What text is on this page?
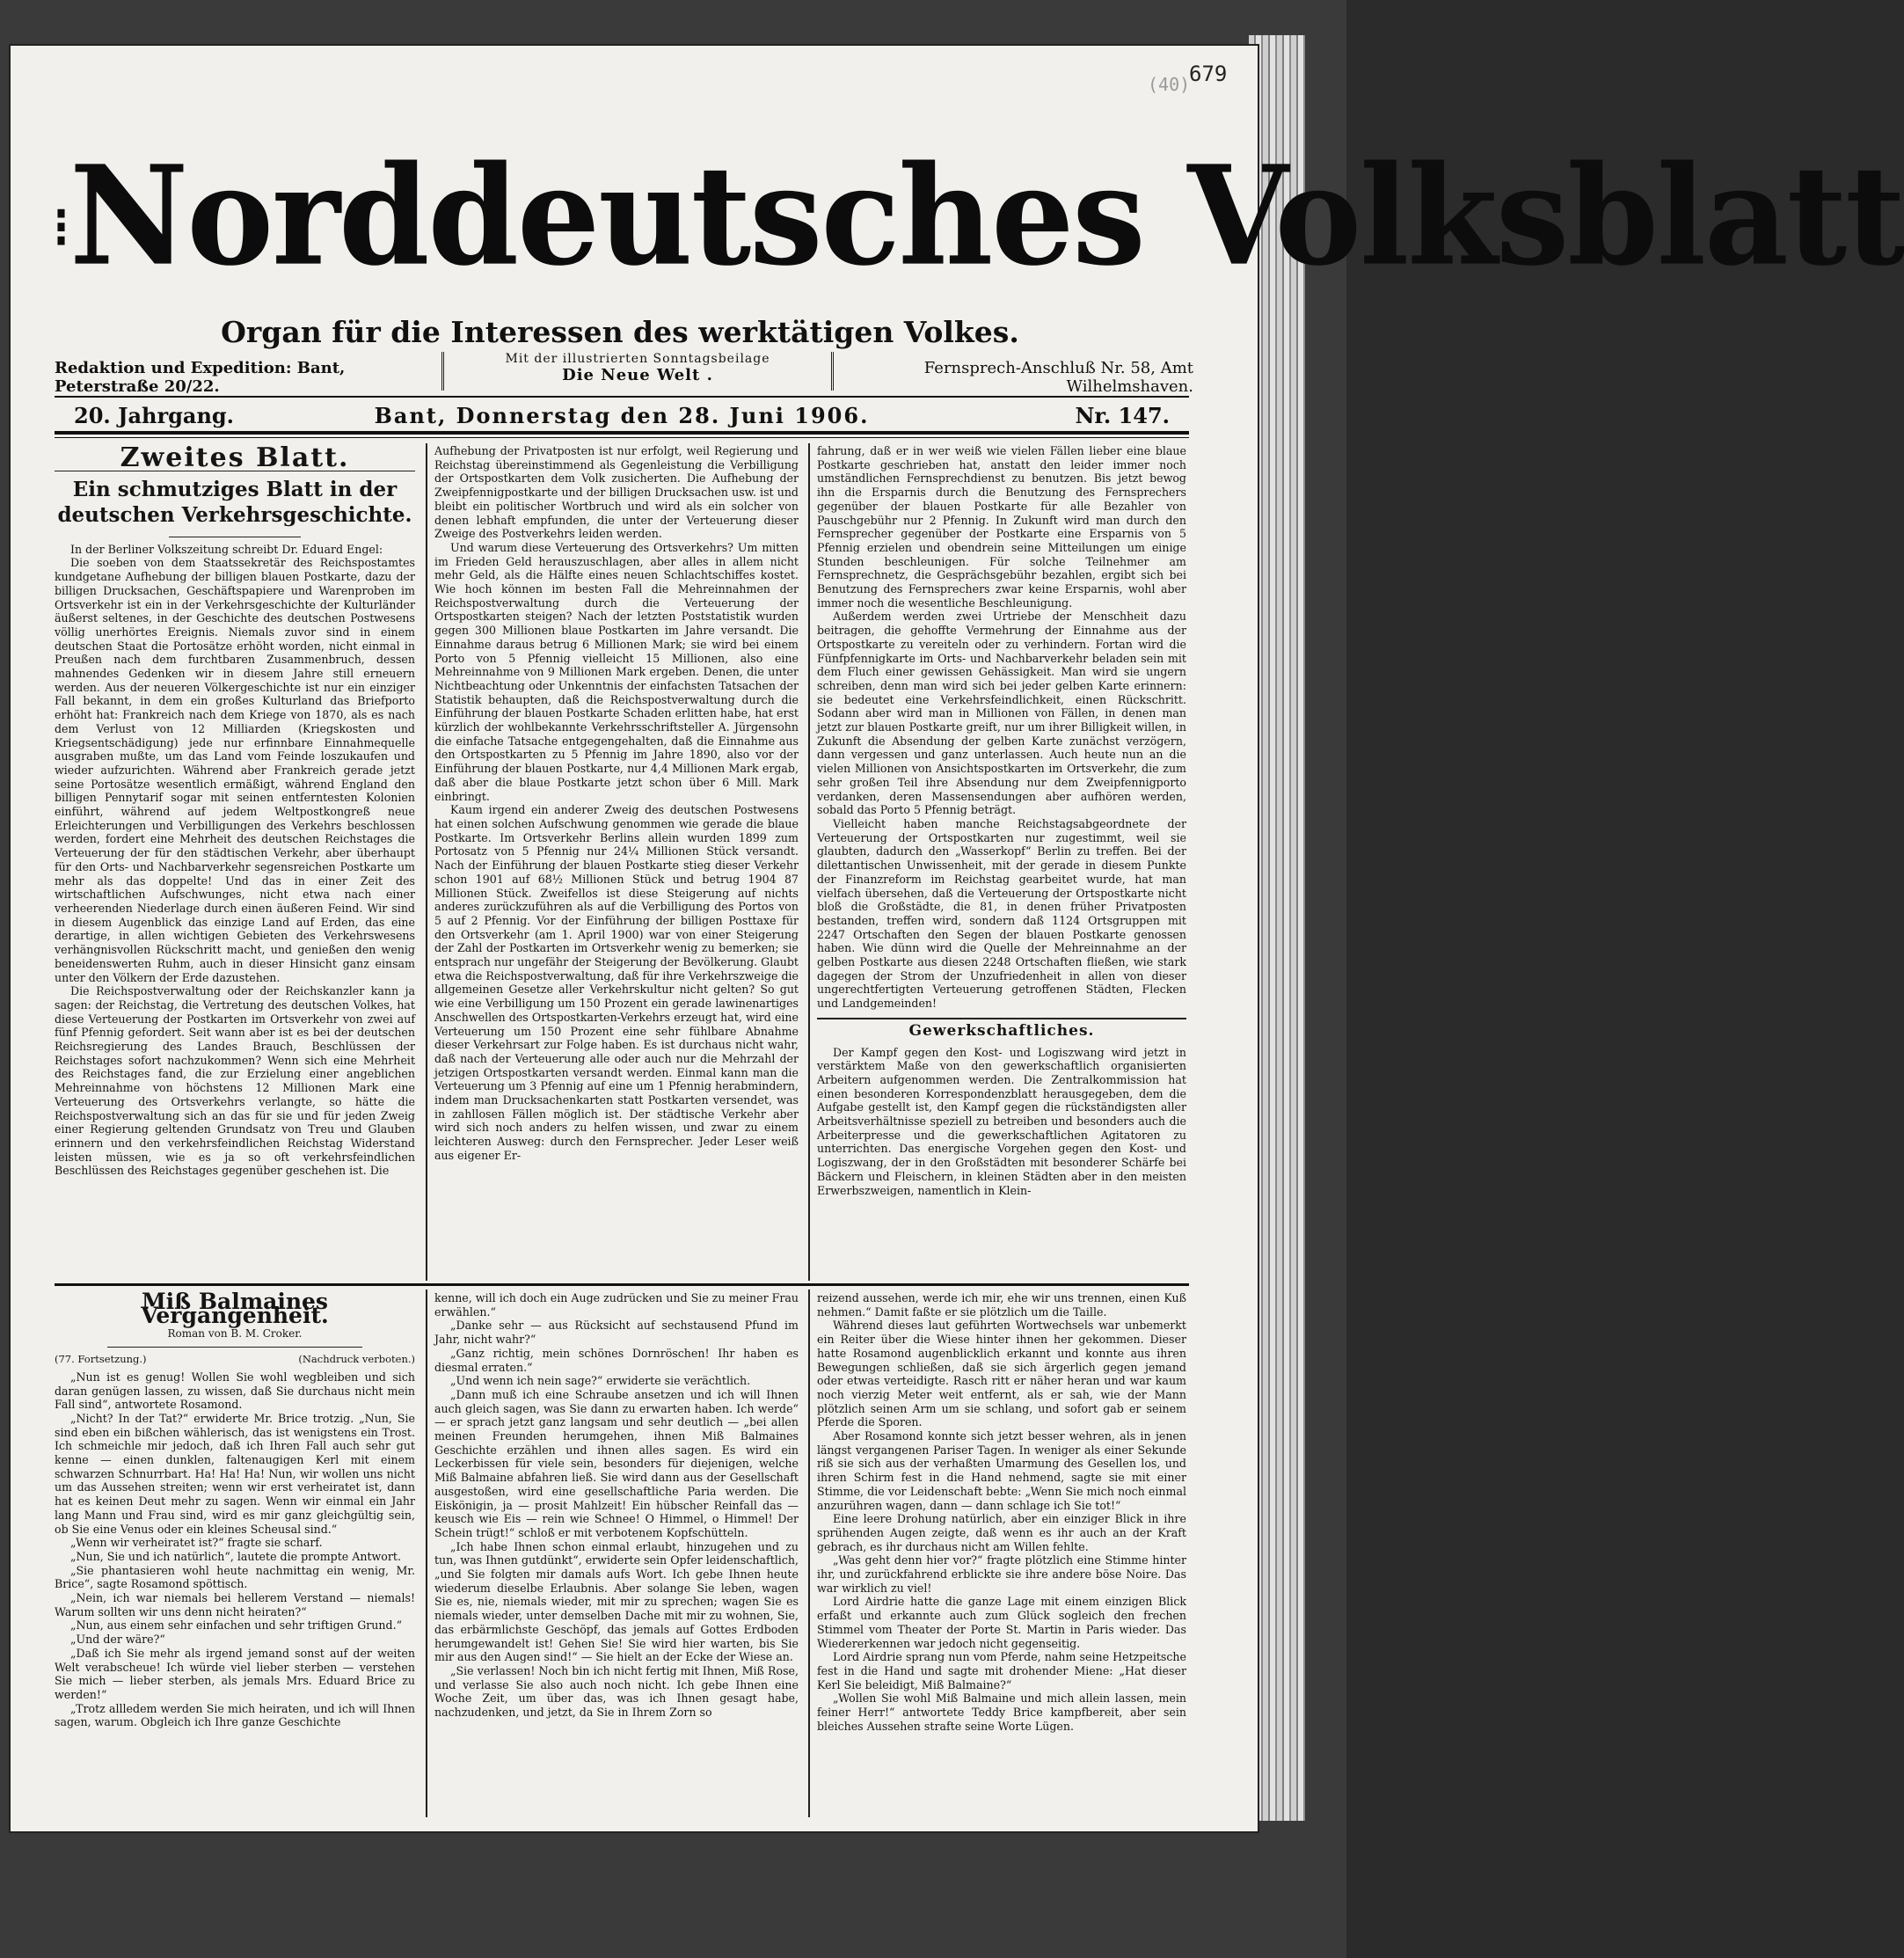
679
(40)
⁝Norddeutsches Volksblatt
Organ für die Interessen des werktätigen Volkes.
Redaktion und Expedition: Bant, Peterstraße 20/22.
Mit der illustrierten Sonntagsbeilage
Die Neue Welt .	Fernsprech-Anschluß Nr. 58, Amt Wilhelmshaven.
Bant, Donnerstag den 28. Juni 1906.
20. Jahrgang.	Nr. 147.
Zweites Blatt.
Ein schmutziges Blatt in der deutschen Verkehrsgeschichte.

In der Berliner Volkszeitung schreibt Dr. Eduard Engel:

Die soeben von dem Staatssekretär des Reichspostamtes kundgetane Aufhebung der billigen blauen Postkarte, dazu der billigen Drucksachen, Geschäftspapiere und Warenproben im Ortsverkehr ist ein in der Verkehrsgeschichte der Kulturländer äußerst seltenes, in der Geschichte des deutschen Postwesens völlig unerhörtes Ereignis. Niemals zuvor sind in einem deutschen Staat die Portosätze erhöht worden, nicht einmal in Preußen nach dem furchtbaren Zusammenbruch, dessen mahnendes Gedenken wir in diesem Jahre still erneuern werden. Aus der neueren Völkergeschichte ist nur ein einziger Fall bekannt, in dem ein großes Kulturland das Briefporto erhöht hat: Frankreich nach dem Kriege von 1870, als es nach dem Verlust von 12 Milliarden (Kriegskosten und Kriegsentschädigung) jede nur erfinnbare Einnahmequelle ausgraben mußte, um das Land vom Feinde loszukaufen und wieder aufzurichten. Während aber Frankreich gerade jetzt seine Portosätze wesentlich ermäßigt, während England den billigen Pennytarif sogar mit seinen entferntesten Kolonien einführt, während auf jedem Weltpostkongreß neue Erleichterungen und Verbilligungen des Verkehrs beschlossen werden, fordert eine Mehrheit des deutschen Reichstages die Verteuerung der für den städtischen Verkehr, aber überhaupt für den Orts- und Nachbarverkehr segensreichen Postkarte um mehr als das doppelte! Und das in einer Zeit des wirtschaftlichen Aufschwunges, nicht etwa nach einer verheerenden Niederlage durch einen äußeren Feind. Wir sind in diesem Augenblick das einzige Land auf Erden, das eine derartige, in allen wichtigen Gebieten des Verkehrswesens verhängnisvollen Rückschritt macht, und genießen den wenig beneidenswerten Ruhm, auch in dieser Hinsicht ganz einsam unter den Völkern der Erde dazustehen.

Die Reichspostverwaltung oder der Reichskanzler kann ja sagen: der Reichstag, die Vertretung des deutschen Volkes, hat diese Verteuerung der Postkarten im Ortsverkehr von zwei auf fünf Pfennig gefordert. Seit wann aber ist es bei der deutschen Reichsregierung des Landes Brauch, Beschlüssen der Reichstages sofort nachzukommen? Wenn sich eine Mehrheit des Reichstages fand, die zur Erzielung einer angeblichen Mehreinnahme von höchstens 12 Millionen Mark eine Verteuerung des Ortsverkehrs verlangte, so hätte die Reichspostverwaltung sich an das für sie und für jeden Zweig einer Regierung geltenden Grundsatz von Treu und Glauben erinnern und den verkehrsfeindlichen Reichstag Widerstand leisten müssen, wie es ja so oft verkehrsfeindlichen Beschlüssen des Reichstages gegenüber geschehen ist. Die

Aufhebung der Privatposten ist nur erfolgt, weil Regierung und Reichstag übereinstimmend als Gegenleistung die Verbilligung der Ortspostkarten dem Volk zusicherten. Die Aufhebung der Zweipfennigpostkarte und der billigen Drucksachen usw. ist und bleibt ein politischer Wortbruch und wird als ein solcher von denen lebhaft empfunden, die unter der Verteuerung dieser Zweige des Postverkehrs leiden werden.

Und warum diese Verteuerung des Ortsverkehrs? Um mitten im Frieden Geld herauszuschlagen, aber alles in allem nicht mehr Geld, als die Hälfte eines neuen Schlachtschiffes kostet. Wie hoch können im besten Fall die Mehreinnahmen der Reichspostverwaltung durch die Verteuerung der Ortspostkarten steigen? Nach der letzten Poststatistik wurden gegen 300 Millionen blaue Postkarten im Jahre versandt. Die Einnahme daraus betrug 6 Millionen Mark; sie wird bei einem Porto von 5 Pfennig vielleicht 15 Millionen, also eine Mehreinnahme von 9 Millionen Mark ergeben. Denen, die unter Nichtbeachtung oder Unkenntnis der einfachsten Tatsachen der Statistik behaupten, daß die Reichspostverwaltung durch die Einführung der blauen Postkarte Schaden erlitten habe, hat erst kürzlich der wohlbekannte Verkehrsschriftsteller A. Jürgensohn die einfache Tatsache entgegengehalten, daß die Einnahme aus den Ortspostkarten zu 5 Pfennig im Jahre 1890, also vor der Einführung der blauen Postkarte, nur 4,4 Millionen Mark ergab, daß aber die blaue Postkarte jetzt schon über 6 Mill. Mark einbringt.

Kaum irgend ein anderer Zweig des deutschen Postwesens hat einen solchen Aufschwung genommen wie gerade die blaue Postkarte. Im Ortsverkehr Berlins allein wurden 1899 zum Portosatz von 5 Pfennig nur 24¼ Millionen Stück versandt. Nach der Einführung der blauen Postkarte stieg dieser Verkehr schon 1901 auf 68½ Millionen Stück und betrug 1904 87 Millionen Stück. Zweifellos ist diese Steigerung auf nichts anderes zurückzuführen als auf die Verbilligung des Portos von 5 auf 2 Pfennig. Vor der Einführung der billigen Posttaxe für den Ortsverkehr (am 1. April 1900) war von einer Steigerung der Zahl der Postkarten im Ortsverkehr wenig zu bemerken; sie entsprach nur ungefähr der Steigerung der Bevölkerung. Glaubt etwa die Reichspostverwaltung, daß für ihre Verkehrszweige die allgemeinen Gesetze aller Verkehrskultur nicht gelten? So gut wie eine Verbilligung um 150 Prozent ein gerade lawinenartiges Anschwellen des Ortspostkarten-Verkehrs erzeugt hat, wird eine Verteuerung um 150 Prozent eine sehr fühlbare Abnahme dieser Verkehrsart zur Folge haben. Es ist durchaus nicht wahr, daß nach der Verteuerung alle oder auch nur die Mehrzahl der jetzigen Ortspostkarten versandt werden. Einmal kann man die Verteuerung um 3 Pfennig auf eine um 1 Pfennig herabmindern, indem man Drucksachenkarten statt Postkarten versendet, was in zahllosen Fällen möglich ist. Der städtische Verkehr aber wird sich noch anders zu helfen wissen, und zwar zu einem leichteren Ausweg: durch den Fernsprecher. Jeder Leser weiß aus eigener Er-

fahrung, daß er in wer weiß wie vielen Fällen lieber eine blaue Postkarte geschrieben hat, anstatt den leider immer noch umständlichen Fernsprechdienst zu benutzen. Bis jetzt bewog ihn die Ersparnis durch die Benutzung des Fernsprechers gegenüber der blauen Postkarte für alle Bezahler von Pauschgebühr nur 2 Pfennig. In Zukunft wird man durch den Fernsprecher gegenüber der Postkarte eine Ersparnis von 5 Pfennig erzielen und obendrein seine Mitteilungen um einige Stunden beschleunigen. Für solche Teilnehmer am Fernsprechnetz, die Gesprächsgebühr bezahlen, ergibt sich bei Benutzung des Fernsprechers zwar keine Ersparnis, wohl aber immer noch die wesentliche Beschleunigung.

Außerdem werden zwei Urtriebe der Menschheit dazu beitragen, die gehoffte Vermehrung der Einnahme aus der Ortspostkarte zu vereiteln oder zu verhindern. Fortan wird die Fünfpfennigkarte im Orts- und Nachbarverkehr beladen sein mit dem Fluch einer gewissen Gehässigkeit. Man wird sie ungern schreiben, denn man wird sich bei jeder gelben Karte erinnern: sie bedeutet eine Verkehrsfeindlichkeit, einen Rückschritt. Sodann aber wird man in Millionen von Fällen, in denen man jetzt zur blauen Postkarte greift, nur um ihrer Billigkeit willen, in Zukunft die Absendung der gelben Karte zunächst verzögern, dann vergessen und ganz unterlassen. Auch heute nun an die vielen Millionen von Ansichtspostkarten im Ortsverkehr, die zum sehr großen Teil ihre Absendung nur dem Zweipfennigporto verdanken, deren Massensendungen aber aufhören werden, sobald das Porto 5 Pfennig beträgt.

Vielleicht haben manche Reichstagsabgeordnete der Verteuerung der Ortspostkarten nur zugestimmt, weil sie glaubten, dadurch den „Wasserkopf“ Berlin zu treffen. Bei der dilettantischen Unwissenheit, mit der gerade in diesem Punkte der Finanzreform im Reichstag gearbeitet wurde, hat man vielfach übersehen, daß die Verteuerung der Ortspostkarte nicht bloß die Großstädte, die 81, in denen früher Privatposten bestanden, treffen wird, sondern daß 1124 Ortsgruppen mit 2247 Ortschaften den Segen der blauen Postkarte genossen haben. Wie dünn wird die Quelle der Mehreinnahme an der gelben Postkarte aus diesen 2248 Ortschaften fließen, wie stark dagegen der Strom der Unzufriedenheit in allen von dieser ungerechtfertigten Verteuerung getroffenen Städten, Flecken und Landgemeinden!

Gewerkschaftliches.

Der Kampf gegen den Kost- und Logiszwang wird jetzt in verstärktem Maße von den gewerkschaftlich organisierten Arbeitern aufgenommen werden. Die Zentralkommission hat einen besonderen Korrespondenzblatt herausgegeben, dem die Aufgabe gestellt ist, den Kampf gegen die rückständigsten aller Arbeitsverhältnisse speziell zu betreiben und besonders auch die Arbeiterpresse und die gewerkschaftlichen Agitatoren zu unterrichten. Das energische Vorgehen gegen den Kost- und Logiszwang, der in den Großstädten mit besonderer Schärfe bei Bäckern und Fleischern, in kleinen Städten aber in den meisten Erwerbszweigen, namentlich in Klein-

Miß Balmaines Vergangenheit.
Roman von B. M. Croker.
(77. Fortsetzung.)	(Nachdruck verboten.)

„Nun ist es genug! Wollen Sie wohl wegbleiben und sich daran genügen lassen, zu wissen, daß Sie durchaus nicht mein Fall sind“, antwortete Rosamond.

„Nicht? In der Tat?“ erwiderte Mr. Brice trotzig. „Nun, Sie sind eben ein bißchen wählerisch, das ist wenigstens ein Trost. Ich schmeichle mir jedoch, daß ich Ihren Fall auch sehr gut kenne — einen dunklen, faltenaugigen Kerl mit einem schwarzen Schnurrbart. Ha! Ha! Ha! Nun, wir wollen uns nicht um das Aussehen streiten; wenn wir erst verheiratet ist, dann hat es keinen Deut mehr zu sagen. Wenn wir einmal ein Jahr lang Mann und Frau sind, wird es mir ganz gleichgültig sein, ob Sie eine Venus oder ein kleines Scheusal sind.“

„Wenn wir verheiratet ist?“ fragte sie scharf.

„Nun, Sie und ich natürlich“, lautete die prompte Antwort.

„Sie phantasieren wohl heute nachmittag ein wenig, Mr. Brice“, sagte Rosamond spöttisch.

„Nein, ich war niemals bei hellerem Verstand — niemals! Warum sollten wir uns denn nicht heiraten?“

„Nun, aus einem sehr einfachen und sehr triftigen Grund.“

„Und der wäre?“

„Daß ich Sie mehr als irgend jemand sonst auf der weiten Welt verabscheue! Ich würde viel lieber sterben — verstehen Sie mich — lieber sterben, als jemals Mrs. Eduard Brice zu werden!“

„Trotz allledem werden Sie mich heiraten, und ich will Ihnen sagen, warum. Obgleich ich Ihre ganze Geschichte

kenne, will ich doch ein Auge zudrücken und Sie zu meiner Frau erwählen.“

„Danke sehr — aus Rücksicht auf sechstausend Pfund im Jahr, nicht wahr?“

„Ganz richtig, mein schönes Dornröschen! Ihr haben es diesmal erraten.“

„Und wenn ich nein sage?“ erwiderte sie verächtlich.

„Dann muß ich eine Schraube ansetzen und ich will Ihnen auch gleich sagen, was Sie dann zu erwarten haben. Ich werde“ — er sprach jetzt ganz langsam und sehr deutlich — „bei allen meinen Freunden herumgehen, ihnen Miß Balmaines Geschichte erzählen und ihnen alles sagen. Es wird ein Leckerbissen für viele sein, besonders für diejenigen, welche Miß Balmaine abfahren ließ. Sie wird dann aus der Gesellschaft ausgestoßen, wird eine gesellschaftliche Paria werden. Die Eiskönigin, ja — prosit Mahlzeit! Ein hübscher Reinfall das — keusch wie Eis — rein wie Schnee! O Himmel, o Himmel! Der Schein trügt!“ schloß er mit verbotenem Kopfschütteln.

„Ich habe Ihnen schon einmal erlaubt, hinzugehen und zu tun, was Ihnen gutdünkt“, erwiderte sein Opfer leidenschaftlich, „und Sie folgten mir damals aufs Wort. Ich gebe Ihnen heute wiederum dieselbe Erlaubnis. Aber solange Sie leben, wagen Sie es, nie, niemals wieder, mit mir zu sprechen; wagen Sie es niemals wieder, unter demselben Dache mit mir zu wohnen, Sie, das erbärmlichste Geschöpf, das jemals auf Gottes Erdboden herumgewandelt ist! Gehen Sie! Sie wird hier warten, bis Sie mir aus den Augen sind!“ — Sie hielt an der Ecke der Wiese an.

„Sie verlassen! Noch bin ich nicht fertig mit Ihnen, Miß Rose, und verlasse Sie also auch noch nicht. Ich gebe Ihnen eine Woche Zeit, um über das, was ich Ihnen gesagt habe, nachzudenken, und jetzt, da Sie in Ihrem Zorn so

reizend aussehen, werde ich mir, ehe wir uns trennen, einen Kuß nehmen.“ Damit faßte er sie plötzlich um die Taille.

Während dieses laut geführten Wortwechsels war unbemerkt ein Reiter über die Wiese hinter ihnen her gekommen. Dieser hatte Rosamond augenblicklich erkannt und konnte aus ihren Bewegungen schließen, daß sie sich ärgerlich gegen jemand oder etwas verteidigte. Rasch ritt er näher heran und war kaum noch vierzig Meter weit entfernt, als er sah, wie der Mann plötzlich seinen Arm um sie schlang, und sofort gab er seinem Pferde die Sporen.

Aber Rosamond konnte sich jetzt besser wehren, als in jenen längst vergangenen Pariser Tagen. In weniger als einer Sekunde riß sie sich aus der verhaßten Umarmung des Gesellen los, und ihren Schirm fest in die Hand nehmend, sagte sie mit einer Stimme, die vor Leidenschaft bebte: „Wenn Sie mich noch einmal anzurühren wagen, dann — dann schlage ich Sie tot!“

Eine leere Drohung natürlich, aber ein einziger Blick in ihre sprühenden Augen zeigte, daß wenn es ihr auch an der Kraft gebrach, es ihr durchaus nicht am Willen fehlte.

„Was geht denn hier vor?“ fragte plötzlich eine Stimme hinter ihr, und zurückfahrend erblickte sie ihre andere böse Noire. Das war wirklich zu viel!

Lord Airdrie hatte die ganze Lage mit einem einzigen Blick erfaßt und erkannte auch zum Glück sogleich den frechen Stimmel vom Theater der Porte St. Martin in Paris wieder. Das Wiedererkennen war jedoch nicht gegenseitig.

Lord Airdrie sprang nun vom Pferde, nahm seine Hetzpeitsche fest in die Hand und sagte mit drohender Miene: „Hat dieser Kerl Sie beleidigt, Miß Balmaine?“

„Wollen Sie wohl Miß Balmaine und mich allein lassen, mein feiner Herr!“ antwortete Teddy Brice kampfbereit, aber sein bleiches Aussehen strafte seine Worte Lügen.
